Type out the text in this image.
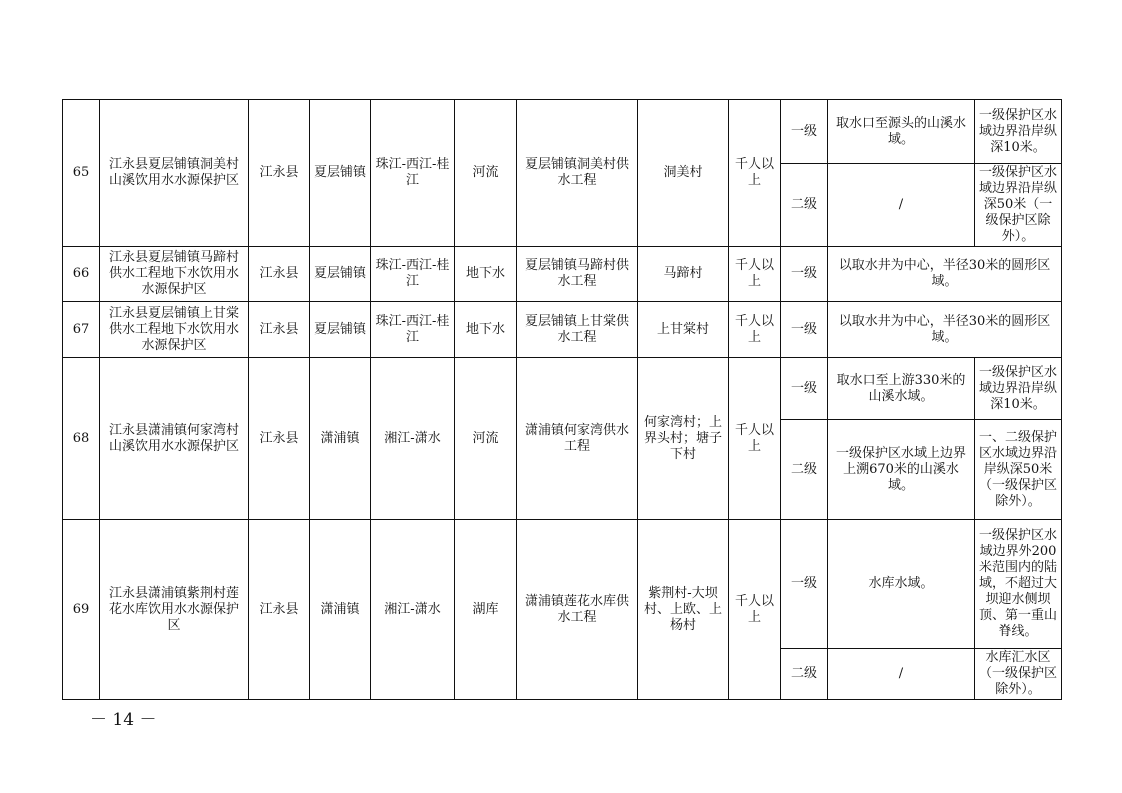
65	江永县夏层铺镇洞美村山溪饮用水水源保护区	江永县	夏层铺镇	珠江-西江-桂江	河流	夏层铺镇洞美村供水工程	洞美村	千人以上	一级	取水口至源头的山溪水域。	一级保护区水域边界沿岸纵深10米。
									二级	/	一级保护区水域边界沿岸纵深50米（一级保护区除外）。
66	江永县夏层铺镇马蹄村供水工程地下水饮用水水源保护区	江永县	夏层铺镇	珠江-西江-桂江	地下水	夏层铺镇马蹄村供水工程	马蹄村	千人以上	一级	以取水井为中心，半径30米的圆形区域。	
67	江永县夏层铺镇上甘棠供水工程地下水饮用水水源保护区	江永县	夏层铺镇	珠江-西江-桂江	地下水	夏层铺镇上甘棠供水工程	上甘棠村	千人以上	一级	以取水井为中心，半径30米的圆形区域。	
68	江永县潇浦镇何家湾村山溪饮用水水源保护区	江永县	潇浦镇	湘江-潇水	河流	潇浦镇何家湾供水工程	何家湾村；上界头村；塘子下村	千人以上	一级	取水口至上游330米的山溪水域。	一级保护区水域边界沿岸纵深10米。
									二级	一级保护区水域上边界上溯670米的山溪水域。	一、二级保护区水域边界沿岸纵深50米（一级保护区除外）。
69	江永县潇浦镇紫荆村莲花水库饮用水水源保护区	江永县	潇浦镇	湘江-潇水	湖库	潇浦镇莲花水库供水工程	紫荆村-大坝村、上欧、上杨村	千人以上	一级	水库水域。	一级保护区水域边界外200米范围内的陆域，不超过大坝迎水侧坝顶、第一重山脊线。
									二级	/	水库汇水区（一级保护区除外）。
－ 14 －
